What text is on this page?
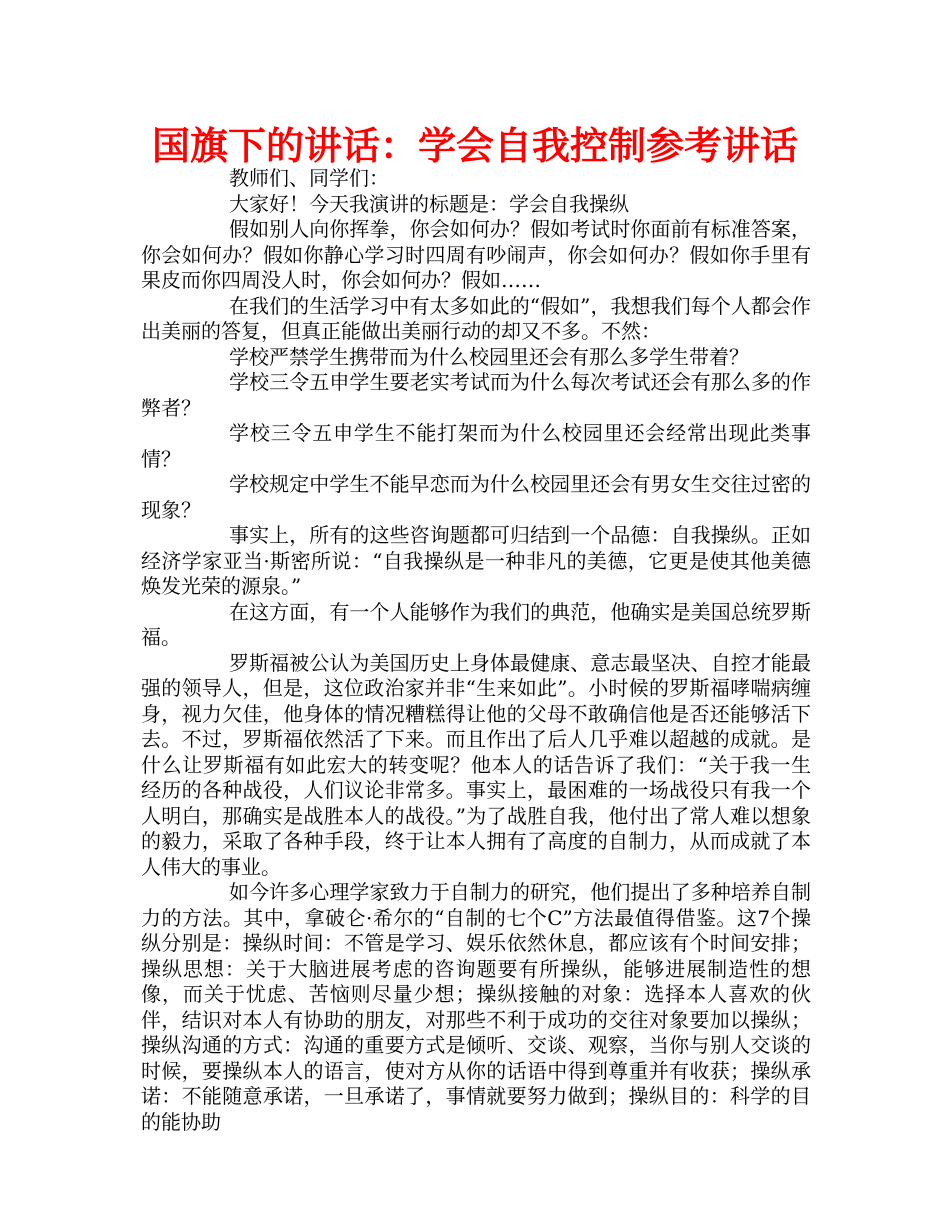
国旗下的讲话：学会自我控制参考讲话

教师们、同学们：

大家好！今天我演讲的标题是：学会自我操纵

假如别人向你挥拳，你会如何办？假如考试时你面前有标准答案，你会如何办？假如你静心学习时四周有吵闹声，你会如何办？假如你手里有果皮而你四周没人时，你会如何办？假如……

在我们的生活学习中有太多如此的“假如”，我想我们每个人都会作出美丽的答复，但真正能做出美丽行动的却又不多。不然：

学校严禁学生携带而为什么校园里还会有那么多学生带着？

学校三令五申学生要老实考试而为什么每次考试还会有那么多的作弊者？

学校三令五申学生不能打架而为什么校园里还会经常出现此类事情？

学校规定中学生不能早恋而为什么校园里还会有男女生交往过密的现象？

事实上，所有的这些咨询题都可归结到一个品德：自我操纵。正如经济学家亚当·斯密所说：“自我操纵是一种非凡的美德，它更是使其他美德焕发光荣的源泉。”

在这方面，有一个人能够作为我们的典范，他确实是美国总统罗斯福。

罗斯福被公认为美国历史上身体最健康、意志最坚决、自控才能最强的领导人，但是，这位政治家并非“生来如此”。小时候的罗斯福哮喘病缠身，视力欠佳，他身体的情况糟糕得让他的父母不敢确信他是否还能够活下去。不过，罗斯福依然活了下来。而且作出了后人几乎难以超越的成就。是什么让罗斯福有如此宏大的转变呢？他本人的话告诉了我们：“关于我一生经历的各种战役，人们议论非常多。事实上，最困难的一场战役只有我一个人明白，那确实是战胜本人的战役。”为了战胜自我，他付出了常人难以想象的毅力，采取了各种手段，终于让本人拥有了高度的自制力，从而成就了本人伟大的事业。

如今许多心理学家致力于自制力的研究，他们提出了多种培养自制力的方法。其中，拿破仑·希尔的“自制的七个C”方法最值得借鉴。这7个操纵分别是：操纵时间：不管是学习、娱乐依然休息，都应该有个时间安排；操纵思想：关于大脑进展考虑的咨询题要有所操纵，能够进展制造性的想像，而关于忧虑、苦恼则尽量少想；操纵接触的对象：选择本人喜欢的伙伴，结识对本人有协助的朋友，对那些不利于成功的交往对象要加以操纵；操纵沟通的方式：沟通的重要方式是倾听、交谈、观察，当你与别人交谈的时候，要操纵本人的语言，使对方从你的话语中得到尊重并有收获；操纵承诺：不能随意承诺，一旦承诺了，事情就要努力做到；操纵目的：科学的目的能协助
